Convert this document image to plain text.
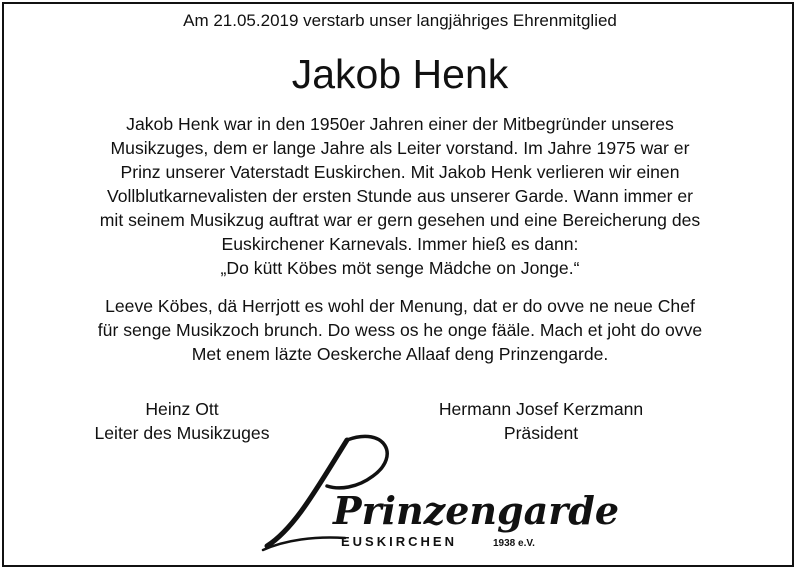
Am 21.05.2019 verstarb unser langjähriges Ehrenmitglied
Jakob Henk

Jakob Henk war in den 1950er Jahren einer der Mitbegründer unseres
Musikzuges, dem er lange Jahre als Leiter vorstand. Im Jahre 1975 war er
Prinz unserer Vaterstadt Euskirchen. Mit Jakob Henk verlieren wir einen
Vollblutkarnevalisten der ersten Stunde aus unserer Garde. Wann immer er
mit seinem Musikzug auftrat war er gern gesehen und eine Bereicherung des
Euskirchener Karnevals. Immer hieß es dann:
„Do kütt Köbes möt senge Mädche on Jonge.“

Leeve Köbes, dä Herrjott es wohl der Menung, dat er do ovve ne neue Chef
für senge Musikzoch brunch. Do wess os he onge fääle. Mach et joht do ovve
Met enem läzte Oeskerche Allaaf deng Prinzengarde.

Heinz Ott
Leiter des Musikzuges
Hermann Josef Kerzmann
Präsident
Prinzengarde
EUSKIRCHEN	1938 e.V.
